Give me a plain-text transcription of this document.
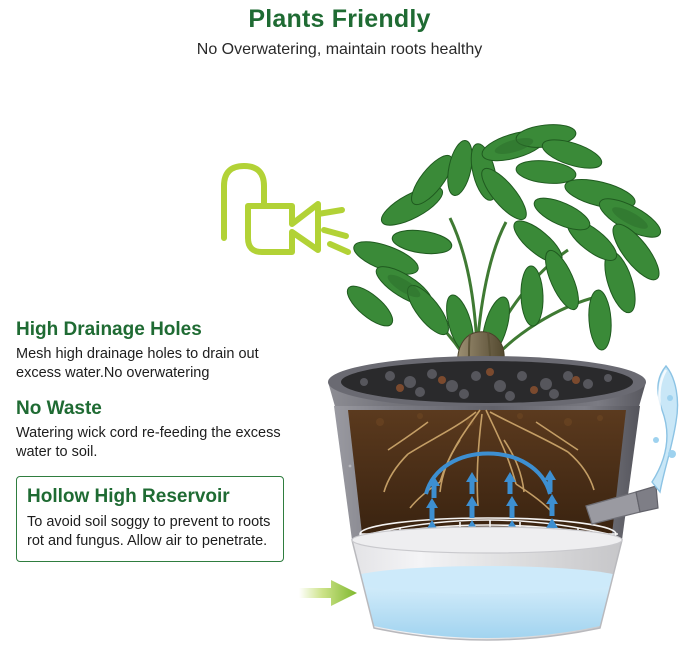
Plants Friendly
No Overwatering, maintain roots healthy
High Drainage Holes
Mesh high drainage holes to drain out excess water.No overwatering
No Waste
Watering wick cord re-feeding the excess water to soil.
Hollow High Reservoir
To avoid soil soggy to prevent to roots rot and fungus. Allow air to penetrate.
